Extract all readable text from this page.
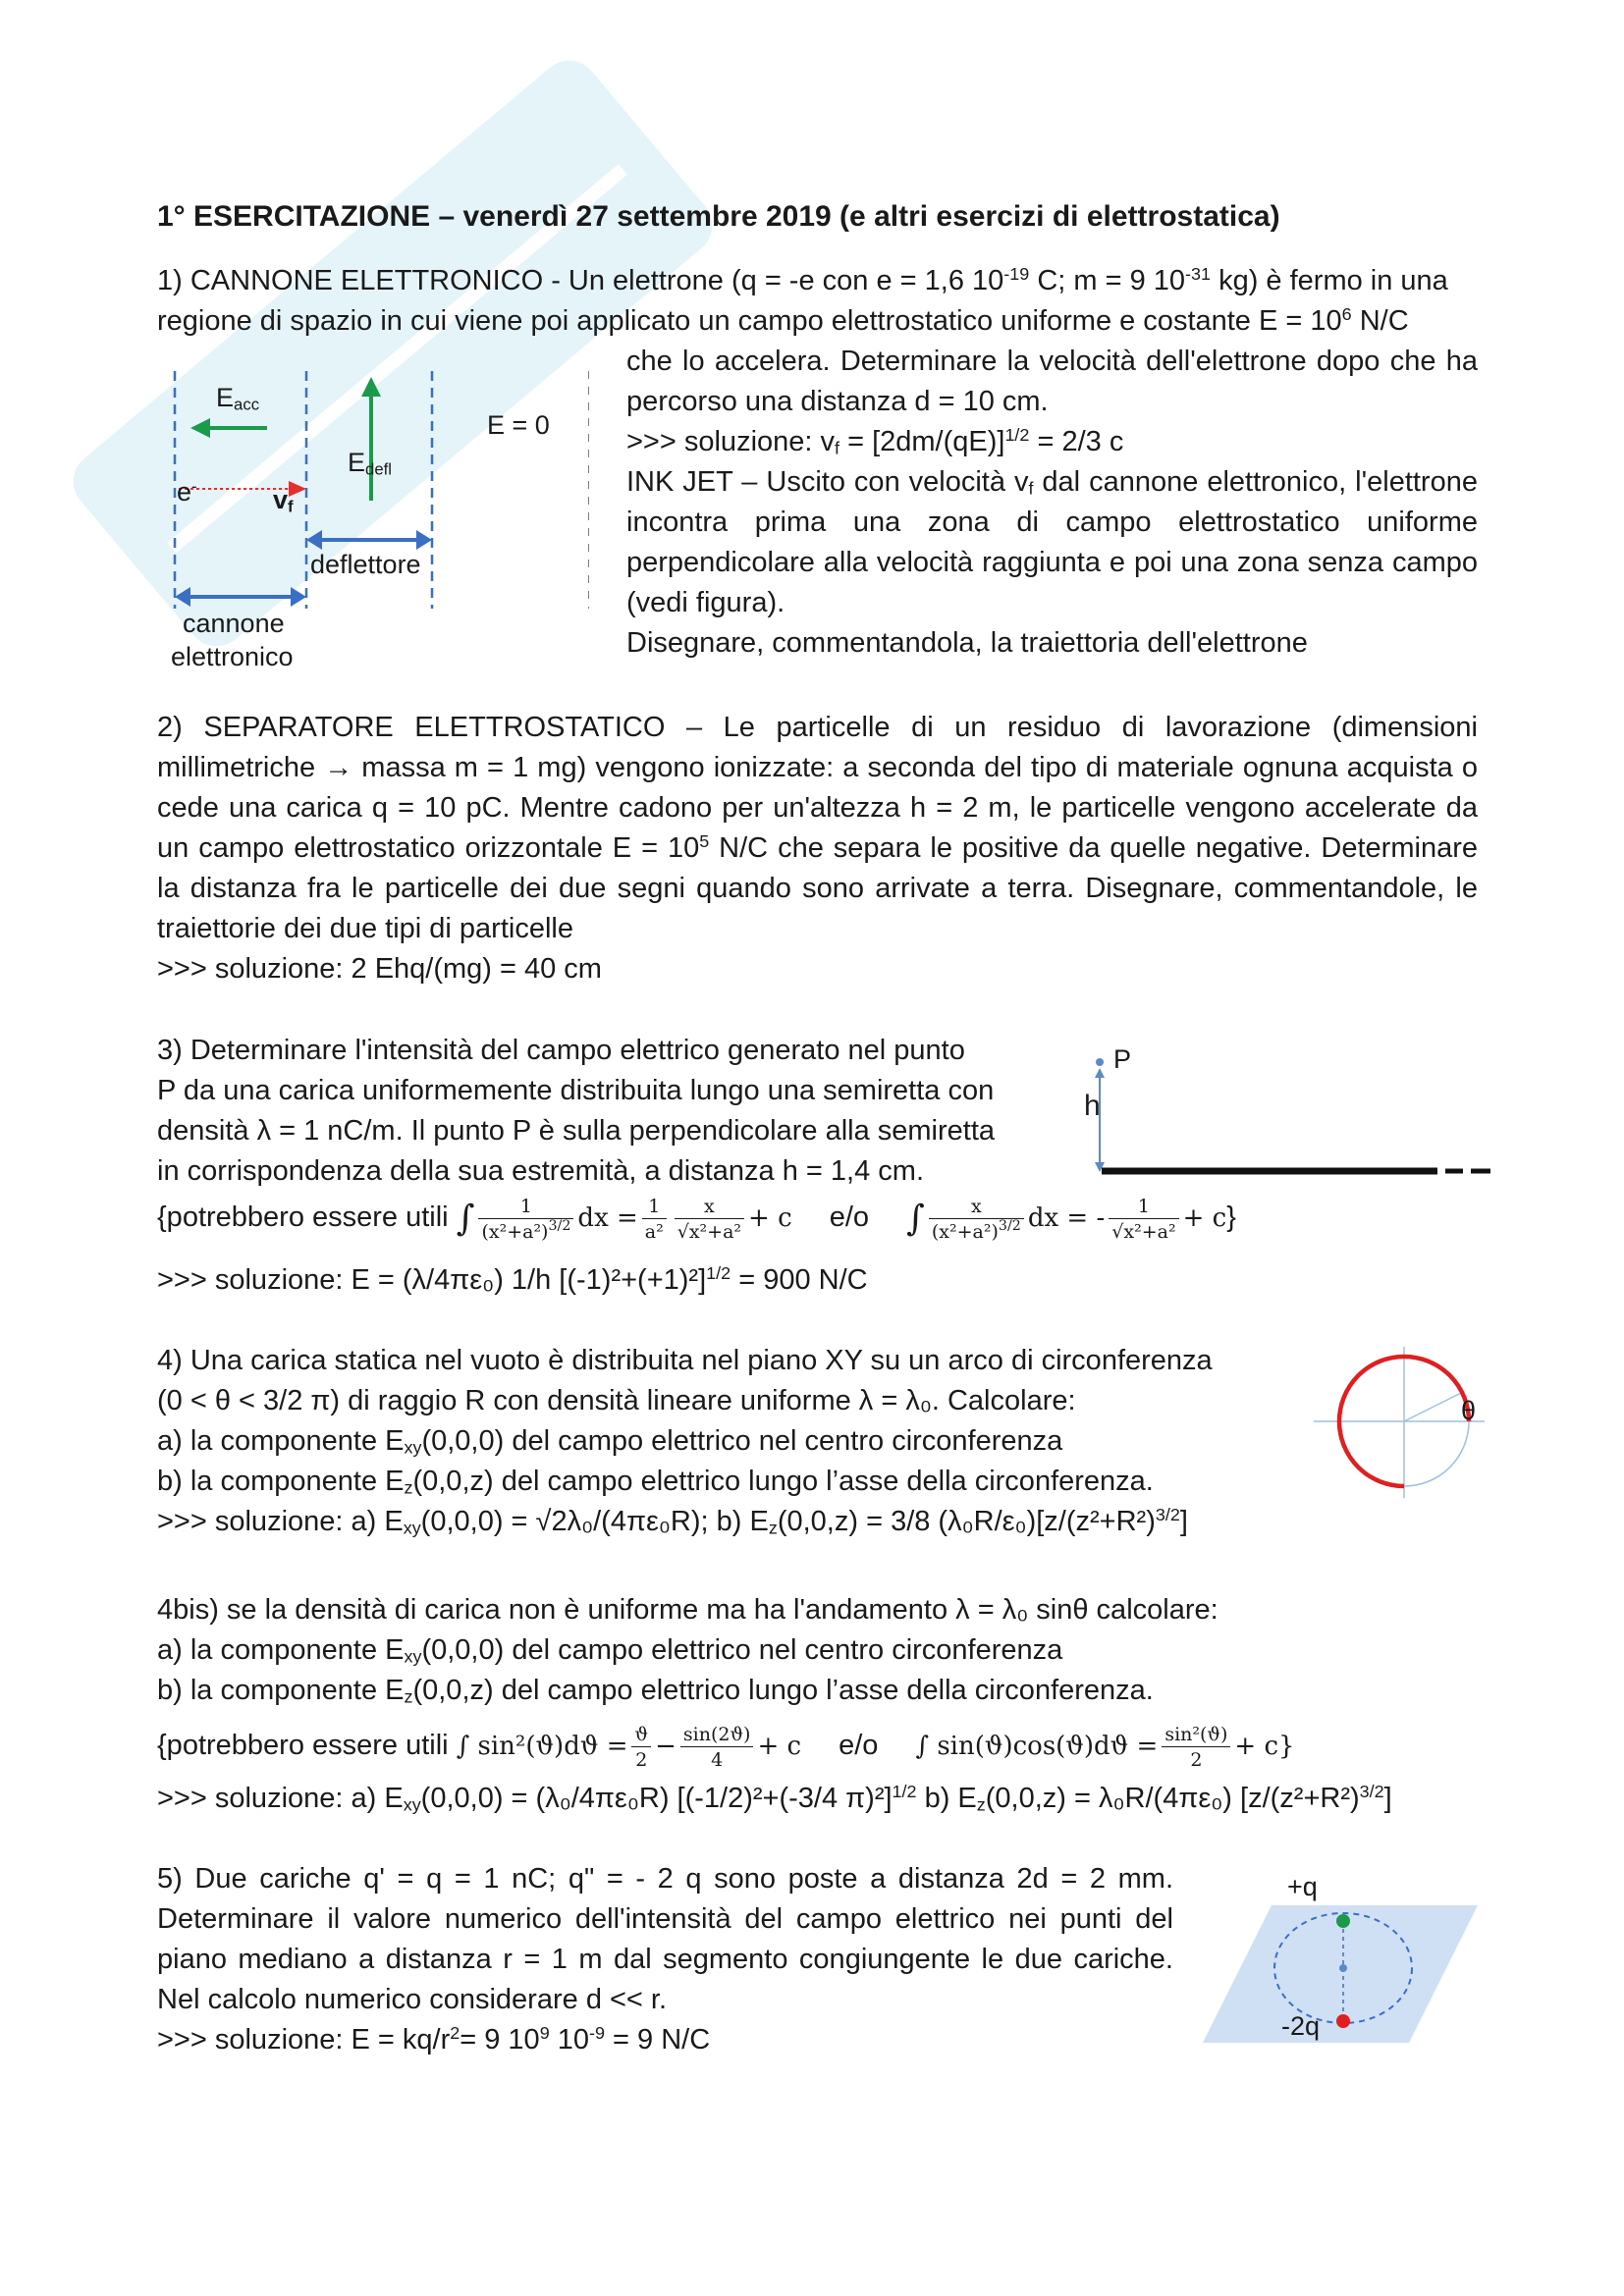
1° ESERCITAZIONE – venerdì 27 settembre 2019 (e altri esercizi di elettrostatica)

1) CANNONE ELETTRONICO - Un elettrone (q = -e con e = 1,6 $10^{-19}$ C; m = 9 $10^{-31}$ kg) è fermo in una

regione di spazio in cui viene poi applicato un campo elettrostatico uniforme e costante $E = 10^6$ N/C

che lo accelera. Determinare la velocità dell'elettrone dopo che ha percorso una distanza d = 10 cm.

>>> soluzione: $v_f = [2dm/(qE)]^{1/2} = 2/3$ c

INK JET – Uscito con velocità $v_f$ dal cannone elettronico, l'elettrone incontra prima una zona di campo elettrostatico uniforme perpendicolare alla velocità raggiunta e poi una zona senza campo (vedi figura).

Disegnare, commentandola, la traiettoria dell'elettrone

$E_{acc}$
$E_{defl}$
E = 0
e-	$v_f$
deflettore
cannone
elettronico

2) SEPARATORE ELETTROSTATICO – Le particelle di un residuo di lavorazione (dimensioni millimetriche → massa m = 1 mg) vengono ionizzate: a seconda del tipo di materiale ognuna acquista o cede una carica q = 10 pC. Mentre cadono per un'altezza h = 2 m, le particelle vengono accelerate da un campo elettrostatico orizzontale $E = 10^5$ N/C che separa le positive da quelle negative. Determinare la distanza fra le particelle dei due segni quando sono arrivate a terra. Disegnare, commentandole, le traiettorie dei due tipi di particelle

>>> soluzione: 2 Ehq/(mg) = 40 cm

3) Determinare l'intensità del campo elettrico generato nel punto

P da una carica uniformemente distribuita lungo una semiretta con

densità λ = 1 nC/m. Il punto P è sulla perpendicolare alla semiretta

in corrispondenza della sua estremità, a distanza h = 1,4 cm.

P
h
{potrebbero essere utili ∫ $\frac{1}{(x^2+a^2)^{3/2}}$ dx = $\frac{1}{\text{a²}} \frac{x}{\text{√x²+a²}} + c$ e/o ∫ $\frac{x}{(x^2+a^2)^{3/2}}$ dx = - $\frac{1}{\text{√x²+a²}} + c$}

>>> soluzione: E = (λ/4πε₀) 1/h $[(-1)^2+(+1)^2]^{1/2} = 900$ N/C

4) Una carica statica nel vuoto è distribuita nel piano XY su un arco di circonferenza

(0 < θ < 3/2 π) di raggio R con densità lineare uniforme λ = λ₀. Calcolare:

a) la componente $E_{xy}(0,0,0)$ del campo elettrico nel centro circonferenza

b) la componente $E_z(0,0,z)$ del campo elettrico lungo l’asse della circonferenza.

>>> soluzione: a) $E_{xy}(0,0,0) = √2\lambda_0/(4\pi\varepsilon_0R)$; b) $E_z(0,0,z) = 3/8$ $(\lambda_0R/\varepsilon_0)[z/(z^2+R^2)^{3/2}]$

θ

4bis) se la densità di carica non è uniforme ma ha l'andamento λ = λ₀ sinθ calcolare:

a) la componente $E_{xy}(0,0,0)$ del campo elettrico nel centro circonferenza

b) la componente $E_z(0,0,z)$ del campo elettrico lungo l’asse della circonferenza.

{potrebbero essere utili ∫ $\sin^2(ϑ)dϑ = \frac{ϑ}{2} - \frac{\sin(2ϑ)}{4} + c$ e/o ∫ $\sin(ϑ)\cos(ϑ)dϑ = \frac{\text{sin²(ϑ)}}{2} + c$}

>>> soluzione: a) $E_{xy}(0,0,0) = (\lambda_0/4\pi\varepsilon_0R)$ [(-1/2)²+(-3/4 π)²]$^{1/2}$ b) $E_z(0,0,z) = \lambda_0R/(4\pi\varepsilon_0)$ $[z/(z^2+R^2)^{3/2}]$

5) Due cariche q' = q = 1 nC; q" = - 2 q sono poste a distanza 2d = 2 mm. Determinare il valore numerico dell'intensità del campo elettrico nei punti del piano mediano a distanza r = 1 m dal segmento congiungente le due cariche. Nel calcolo numerico considerare d << r.

>>> soluzione: $E = kq/r^2= 9$ $10^9$ $10^{-9} = 9$ N/C

+q
-2q
